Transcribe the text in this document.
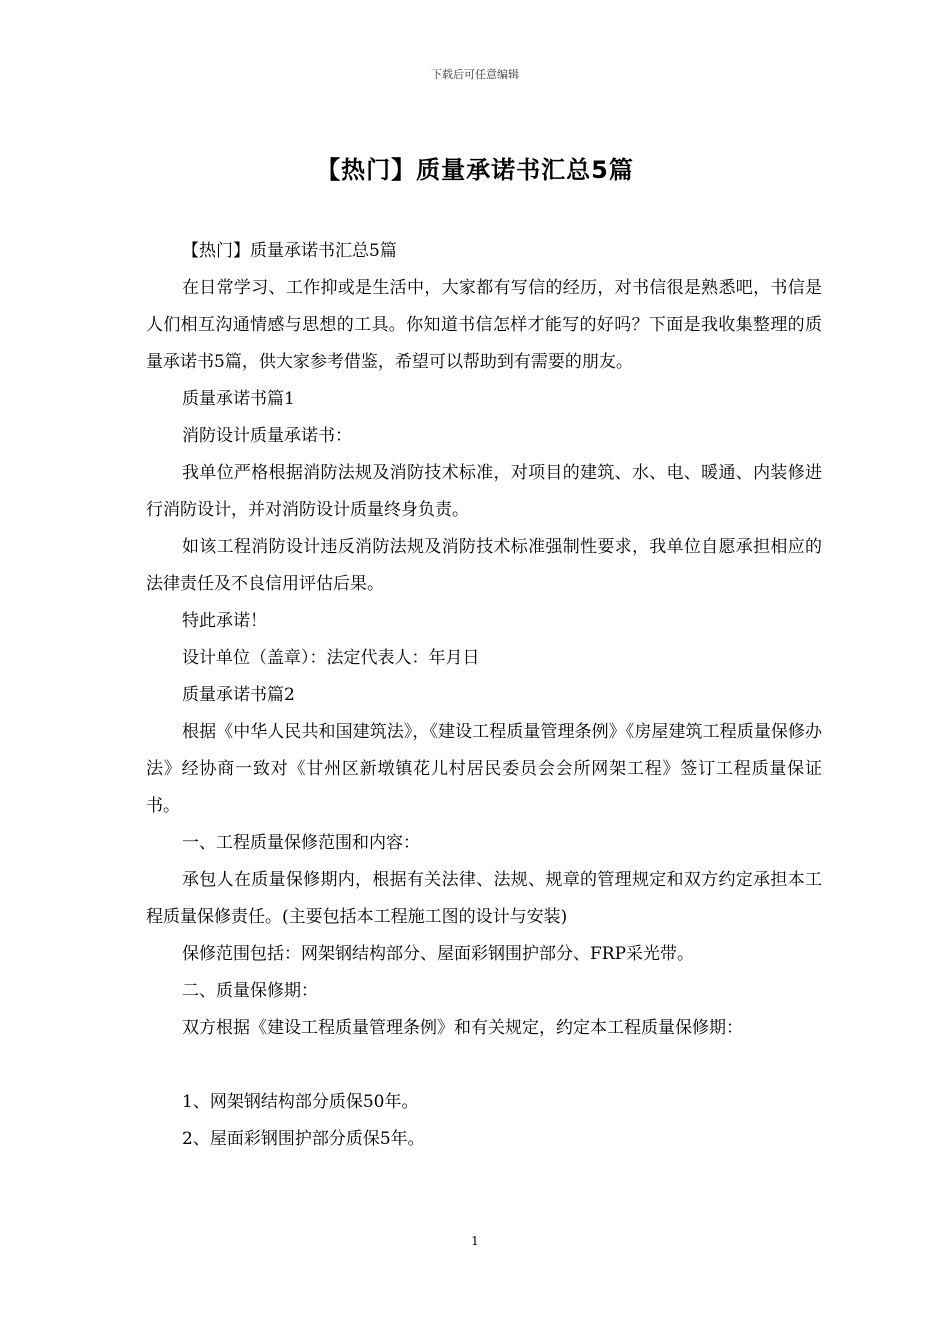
下载后可任意编辑
【热门】质量承诺书汇总5篇

【热门】质量承诺书汇总5篇

在日常学习、工作抑或是生活中，大家都有写信的经历，对书信很是熟悉吧，书信是人们相互沟通情感与思想的工具。你知道书信怎样才能写的好吗？下面是我收集整理的质量承诺书5篇，供大家参考借鉴，希望可以帮助到有需要的朋友。

质量承诺书篇1

消防设计质量承诺书：

我单位严格根据消防法规及消防技术标准，对项目的建筑、水、电、暖通、内装修进行消防设计，并对消防设计质量终身负责。

如该工程消防设计违反消防法规及消防技术标准强制性要求，我单位自愿承担相应的法律责任及不良信用评估后果。

特此承诺！

设计单位（盖章）：法定代表人：年月日

质量承诺书篇2

根据《中华人民共和国建筑法》，《建设工程质量管理条例》《房屋建筑工程质量保修办法》经协商一致对《甘州区新墩镇花儿村居民委员会会所网架工程》签订工程质量保证书。

一、工程质量保修范围和内容：

承包人在质量保修期内，根据有关法律、法规、规章的管理规定和双方约定承担本工程质量保修责任。(主要包括本工程施工图的设计与安装)

保修范围包括：网架钢结构部分、屋面彩钢围护部分、FRP采光带。

二、质量保修期：

双方根据《建设工程质量管理条例》和有关规定，约定本工程质量保修期：

1、网架钢结构部分质保50年。

2、屋面彩钢围护部分质保5年。

1
